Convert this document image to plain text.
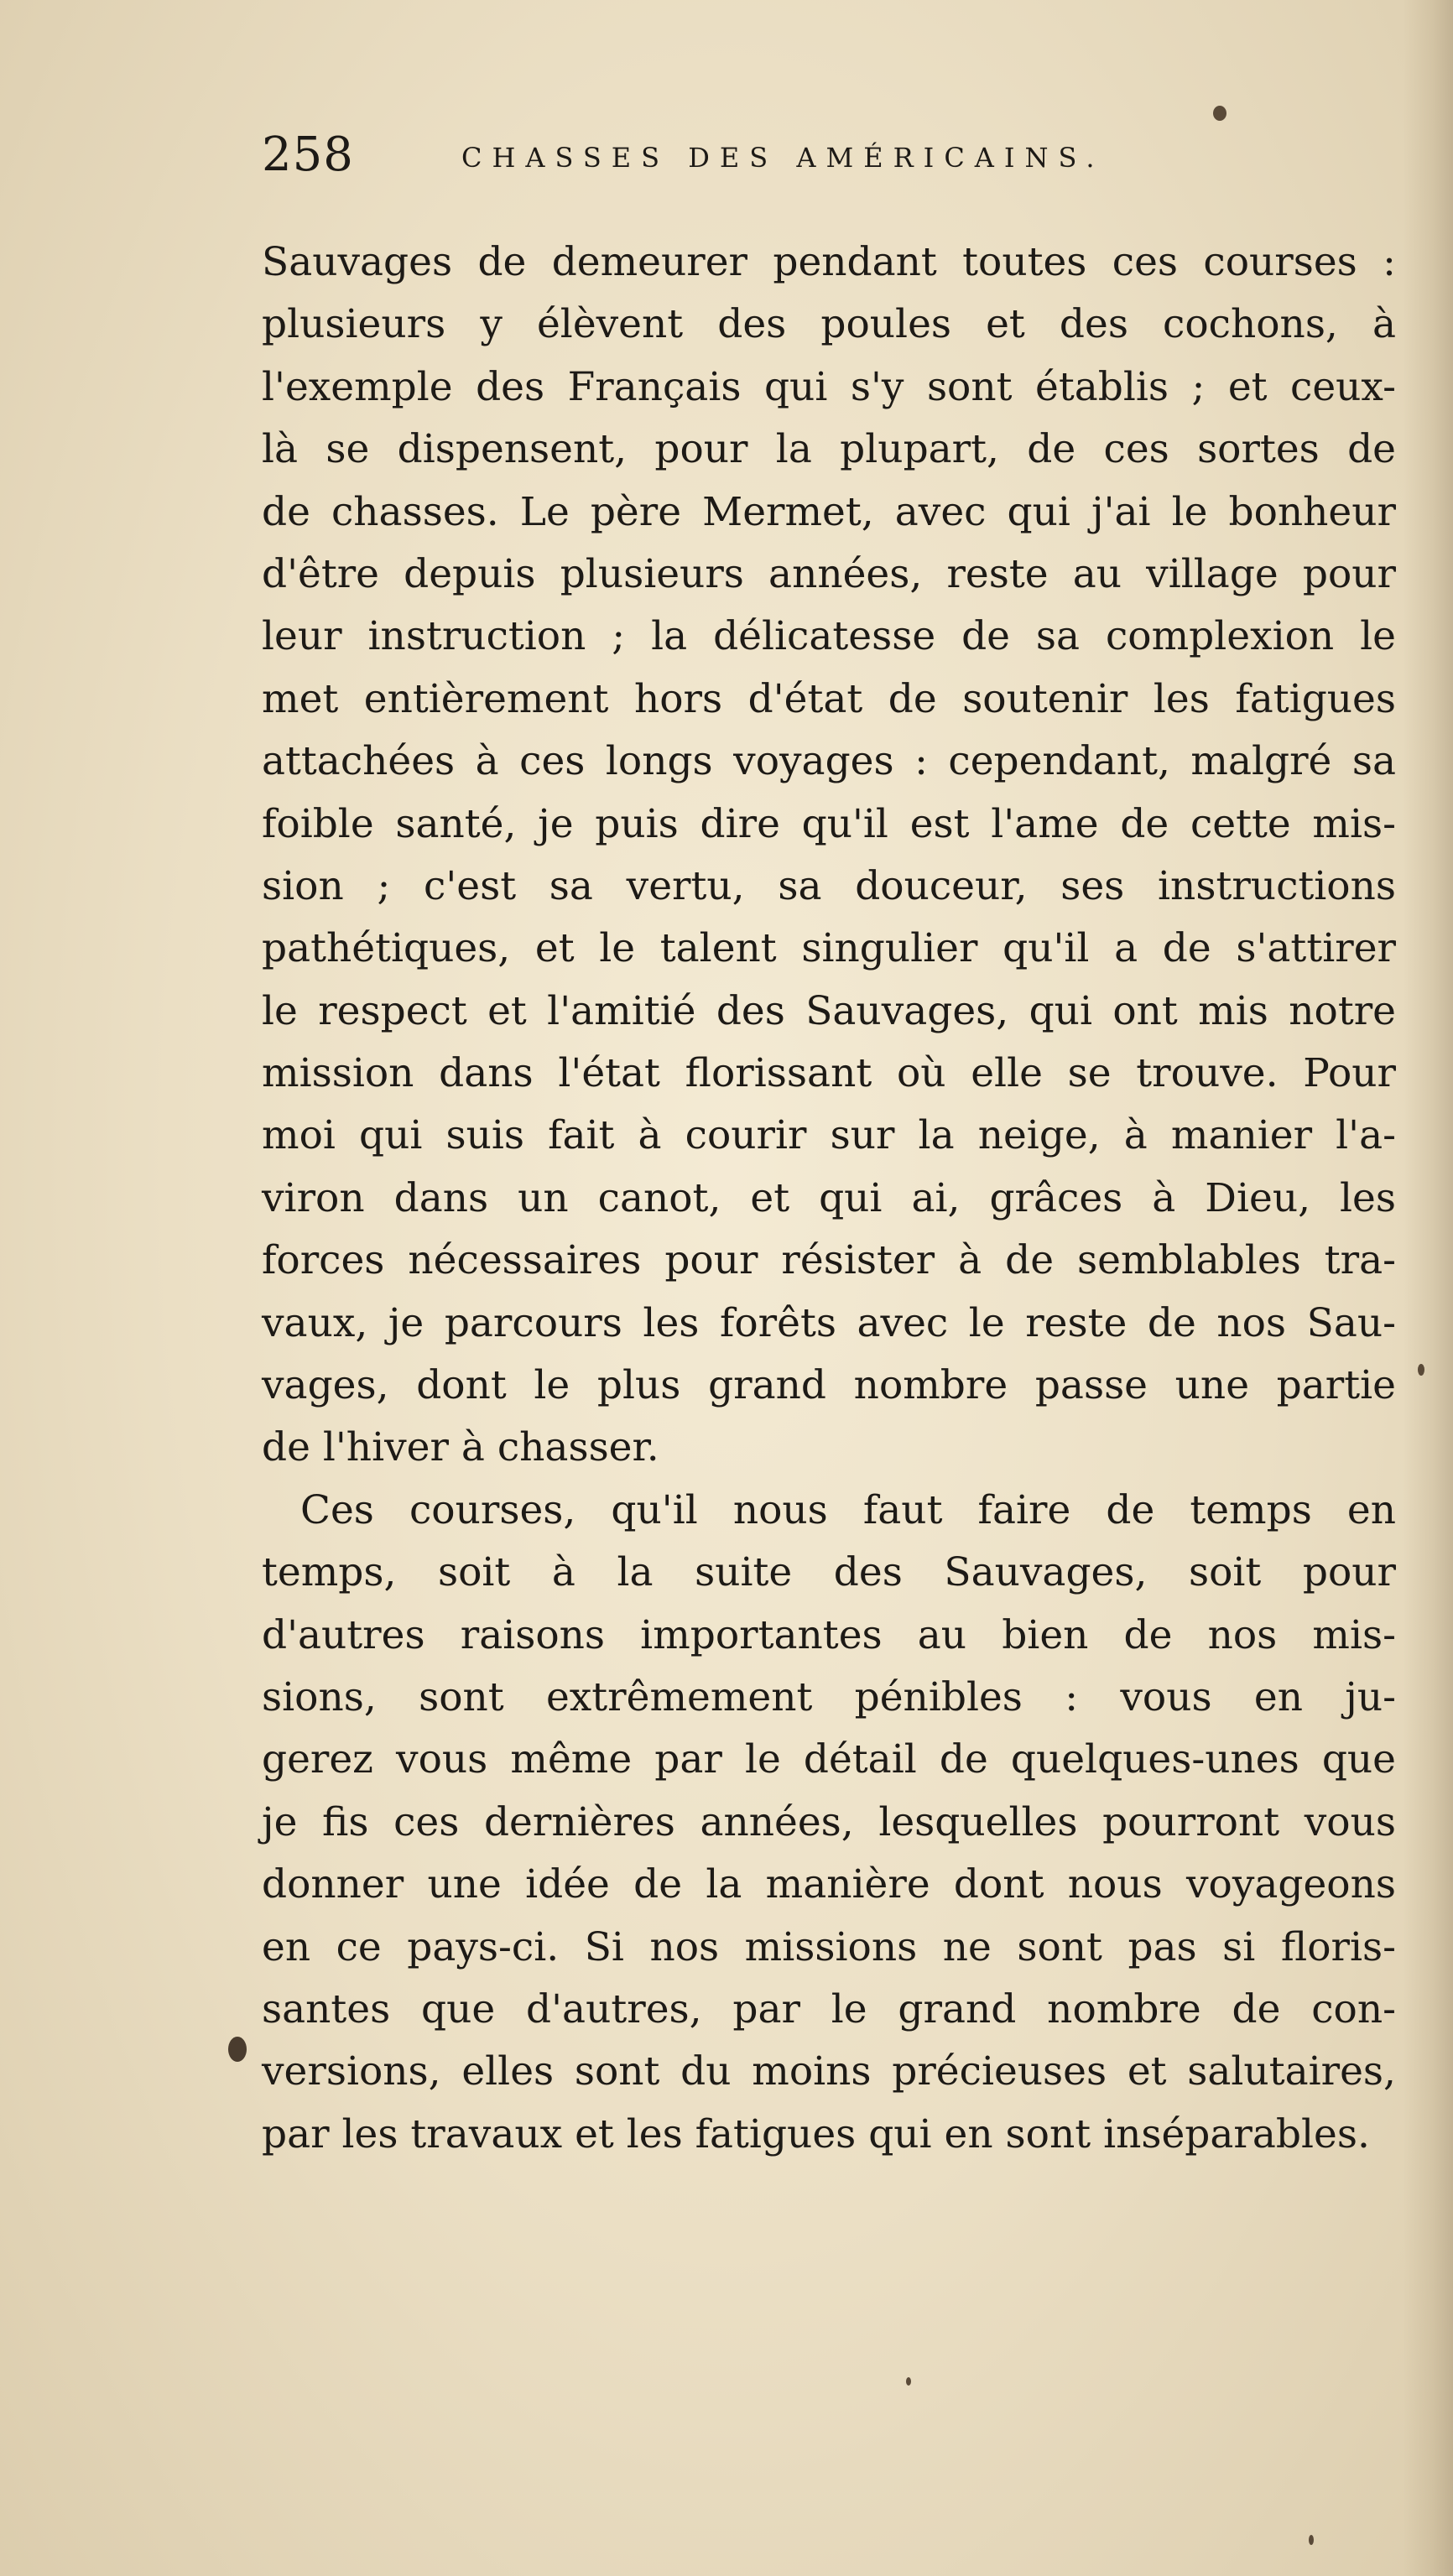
258	CHASSES DES AMÉRICAINS.
Sauvages de demeurer pendant toutes ces courses :
plusieurs y élèvent des poules et des cochons, à
l'exemple des Français qui s'y sont établis ; et ceux-
là se dispensent, pour la plupart, de ces sortes de
de chasses. Le père Mermet, avec qui j'ai le bonheur
d'être depuis plusieurs années, reste au village pour
leur instruction ; la délicatesse de sa complexion le
met entièrement hors d'état de soutenir les fatigues
attachées à ces longs voyages : cependant, malgré sa
foible santé, je puis dire qu'il est l'ame de cette mis-
sion ; c'est sa vertu, sa douceur, ses instructions
pathétiques, et le talent singulier qu'il a de s'attirer
le respect et l'amitié des Sauvages, qui ont mis notre
mission dans l'état florissant où elle se trouve. Pour
moi qui suis fait à courir sur la neige, à manier l'a-
viron dans un canot, et qui ai, grâces à Dieu, les
forces nécessaires pour résister à de semblables tra-
vaux, je parcours les forêts avec le reste de nos Sau-
vages, dont le plus grand nombre passe une partie
de l'hiver à chasser.
Ces courses, qu'il nous faut faire de temps en
temps, soit à la suite des Sauvages, soit pour
d'autres raisons importantes au bien de nos mis-
sions, sont extrêmement pénibles : vous en ju-
gerez vous même par le détail de quelques-unes que
je fis ces dernières années, lesquelles pourront vous
donner une idée de la manière dont nous voyageons
en ce pays-ci. Si nos missions ne sont pas si floris-
santes que d'autres, par le grand nombre de con-
versions, elles sont du moins précieuses et salutaires,
par les travaux et les fatigues qui en sont inséparables.
